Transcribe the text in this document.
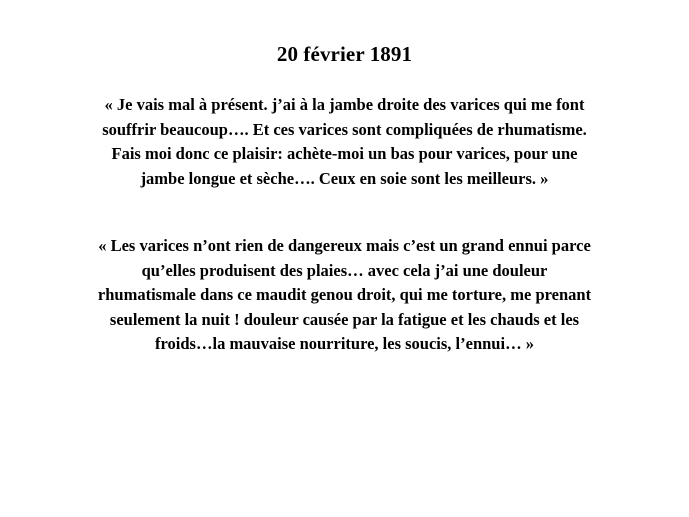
20 février 1891
« Je vais mal à présent. j’ai à la jambe droite des varices qui me font
souffrir beaucoup…. Et ces varices sont compliquées de rhumatisme.
Fais moi donc ce plaisir: achète-moi un bas pour varices, pour une
jambe longue et sèche…. Ceux en soie sont les meilleurs. »
« Les varices n’ont rien de dangereux mais c’est un grand ennui parce
qu’elles produisent des plaies… avec cela j’ai une douleur
rhumatismale dans ce maudit genou droit, qui me torture, me prenant
seulement la nuit ! douleur causée par la fatigue et les chauds et les
froids…la mauvaise nourriture, les soucis, l’ennui… »
